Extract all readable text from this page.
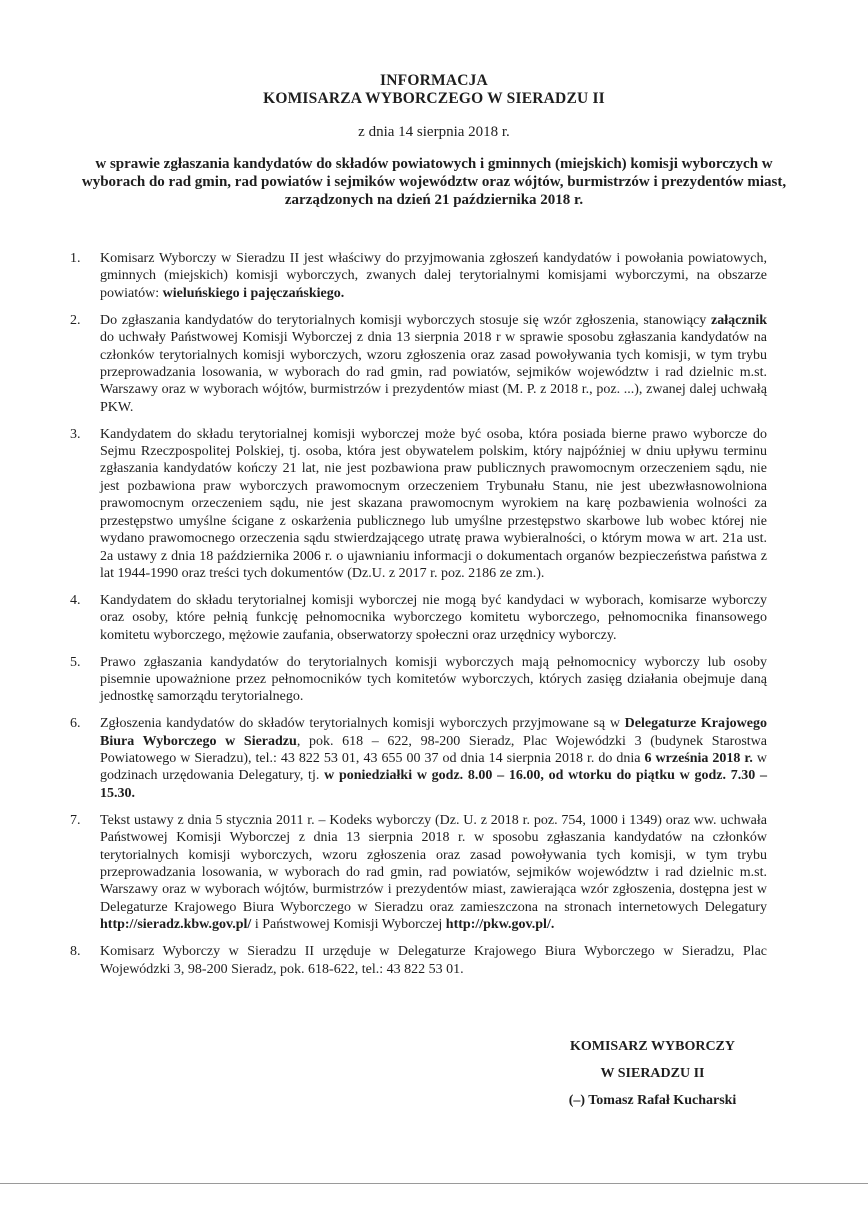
INFORMACJA
KOMISARZA WYBORCZEGO W SIERADZU II
z dnia 14 sierpnia 2018 r.
w sprawie zgłaszania kandydatów do składów powiatowych i gminnych (miejskich) komisji wyborczych w wyborach do rad gmin, rad powiatów i sejmików województw oraz wójtów, burmistrzów i prezydentów miast, zarządzonych na dzień 21 października 2018 r.
1. Komisarz Wyborczy w Sieradzu II jest właściwy do przyjmowania zgłoszeń kandydatów i powołania powiatowych, gminnych (miejskich) komisji wyborczych, zwanych dalej terytorialnymi komisjami wyborczymi, na obszarze powiatów: wieluńskiego i pajęczańskiego.
2. Do zgłaszania kandydatów do terytorialnych komisji wyborczych stosuje się wzór zgłoszenia, stanowiący załącznik do uchwały Państwowej Komisji Wyborczej z dnia 13 sierpnia 2018 r w sprawie sposobu zgłaszania kandydatów na członków terytorialnych komisji wyborczych, wzoru zgłoszenia oraz zasad powoływania tych komisji, w tym trybu przeprowadzania losowania, w wyborach do rad gmin, rad powiatów, sejmików województw i rad dzielnic m.st. Warszawy oraz w wyborach wójtów, burmistrzów i prezydentów miast (M. P. z 2018 r., poz. ...), zwanej dalej uchwałą PKW.
3. Kandydatem do składu terytorialnej komisji wyborczej może być osoba, która posiada bierne prawo wyborcze do Sejmu Rzeczpospolitej Polskiej, tj. osoba, która jest obywatelem polskim, który najpóźniej w dniu upływu terminu zgłaszania kandydatów kończy 21 lat, nie jest pozbawiona praw publicznych prawomocnym orzeczeniem sądu, nie jest pozbawiona praw wyborczych prawomocnym orzeczeniem Trybunału Stanu, nie jest ubezwłasnowolniona prawomocnym orzeczeniem sądu, nie jest skazana prawomocnym wyrokiem na karę pozbawienia wolności za przestępstwo umyślne ścigane z oskarżenia publicznego lub umyślne przestępstwo skarbowe lub wobec której nie wydano prawomocnego orzeczenia sądu stwierdzającego utratę prawa wybieralności, o którym mowa w art. 21a ust. 2a ustawy z dnia 18 października 2006 r. o ujawnianiu informacji o dokumentach organów bezpieczeństwa państwa z lat 1944-1990 oraz treści tych dokumentów (Dz.U. z 2017 r. poz. 2186 ze zm.).
4. Kandydatem do składu terytorialnej komisji wyborczej nie mogą być kandydaci w wyborach, komisarze wyborczy oraz osoby, które pełnią funkcję pełnomocnika wyborczego komitetu wyborczego, pełnomocnika finansowego komitetu wyborczego, mężowie zaufania, obserwatorzy społeczni oraz urzędnicy wyborczy.
5. Prawo zgłaszania kandydatów do terytorialnych komisji wyborczych mają pełnomocnicy wyborczy lub osoby pisemnie upoważnione przez pełnomocników tych komitetów wyborczych, których zasięg działania obejmuje daną jednostkę samorządu terytorialnego.
6. Zgłoszenia kandydatów do składów terytorialnych komisji wyborczych przyjmowane są w Delegaturze Krajowego Biura Wyborczego w Sieradzu, pok. 618 – 622, 98-200 Sieradz, Plac Wojewódzki 3 (budynek Starostwa Powiatowego w Sieradzu), tel.: 43 822 53 01, 43 655 00 37 od dnia 14 sierpnia 2018 r. do dnia 6 września 2018 r. w godzinach urzędowania Delegatury, tj. w poniedziałki w godz. 8.00 – 16.00, od wtorku do piątku w godz. 7.30 – 15.30.
7. Tekst ustawy z dnia 5 stycznia 2011 r. – Kodeks wyborczy (Dz. U. z 2018 r. poz. 754, 1000 i 1349) oraz ww. uchwała Państwowej Komisji Wyborczej z dnia 13 sierpnia 2018 r. w sposobu zgłaszania kandydatów na członków terytorialnych komisji wyborczych, wzoru zgłoszenia oraz zasad powoływania tych komisji, w tym trybu przeprowadzania losowania, w wyborach do rad gmin, rad powiatów, sejmików województw i rad dzielnic m.st. Warszawy oraz w wyborach wójtów, burmistrzów i prezydentów miast, zawierająca wzór zgłoszenia, dostępna jest w Delegaturze Krajowego Biura Wyborczego w Sieradzu oraz zamieszczona na stronach internetowych Delegatury http://sieradz.kbw.gov.pl/ i Państwowej Komisji Wyborczej http://pkw.gov.pl/.
8. Komisarz Wyborczy w Sieradzu II urzęduje w Delegaturze Krajowego Biura Wyborczego w Sieradzu, Plac Wojewódzki 3, 98-200 Sieradz, pok. 618-622, tel.: 43 822 53 01.
KOMISARZ WYBORCZY
W SIERADZU II
(–) Tomasz Rafał Kucharski
